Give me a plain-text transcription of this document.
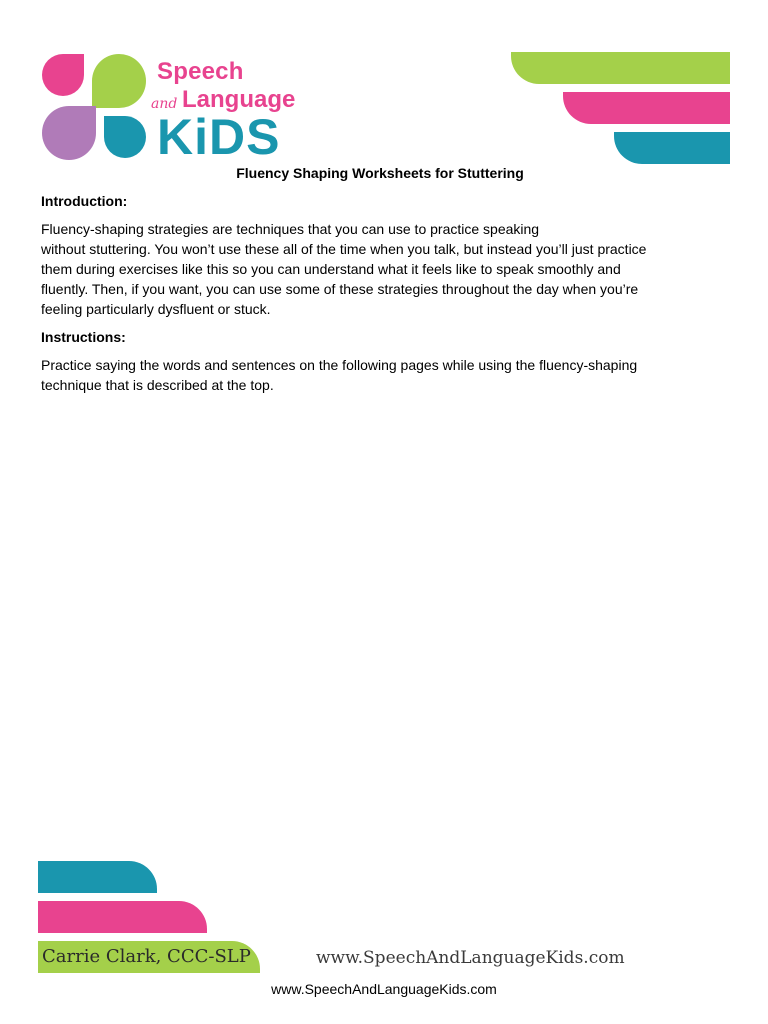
Speech
and Language
KiDS
Fluency Shaping Worksheets for Stuttering
Introduction:
Fluency-shaping strategies are techniques that you can use to practice speaking
without stuttering. You won’t use these all of the time when you talk, but instead you’ll just practice
them during exercises like this so you can understand what it feels like to speak smoothly and
fluently. Then, if you want, you can use some of these strategies throughout the day when you’re
feeling particularly dysfluent or stuck.
Instructions:
Practice saying the words and sentences on the following pages while using the fluency-shaping
technique that is described at the top.
Carrie Clark, CCC-SLP	www.SpeechAndLanguageKids.com
www.SpeechAndLanguageKids.com
